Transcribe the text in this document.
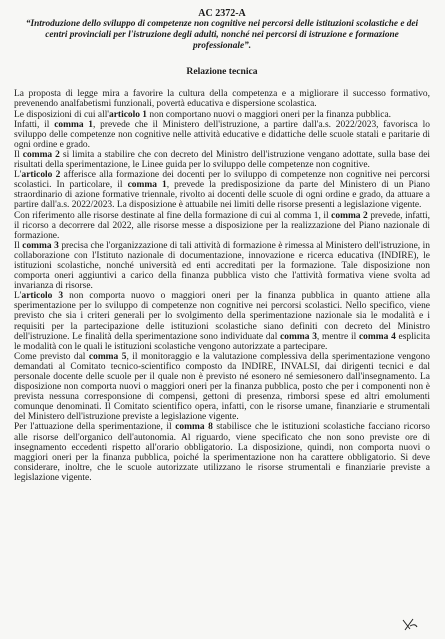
AC 2372-A
“Introduzione dello sviluppo di competenze non cognitive nei percorsi delle istituzioni scolastiche e dei centri provinciali per l'istruzione degli adulti, nonché nei percorsi di istruzione e formazione professionale”.
Relazione tecnica

La proposta di legge mira a favorire la cultura della competenza e a migliorare il successo formativo, prevenendo analfabetismi funzionali, povertà educativa e dispersione scolastica.

Le disposizioni di cui all'articolo 1 non comportano nuovi o maggiori oneri per la finanza pubblica.

Infatti, il comma 1, prevede che il Ministero dell'istruzione, a partire dall'a.s. 2022/2023, favorisca lo sviluppo delle competenze non cognitive nelle attività educative e didattiche delle scuole statali e paritarie di ogni ordine e grado.

Il comma 2 si limita a stabilire che con decreto del Ministro dell'istruzione vengano adottate, sulla base dei risultati della sperimentazione, le Linee guida per lo sviluppo delle competenze non cognitive.

L'articolo 2 afferisce alla formazione dei docenti per lo sviluppo di competenze non cognitive nei percorsi scolastici. In particolare, il comma 1, prevede la predisposizione da parte del Ministero di un Piano straordinario di azione formative triennale, rivolto ai docenti delle scuole di ogni ordine e grado, da attuare a partire dall'a.s. 2022/2023. La disposizione è attuabile nei limiti delle risorse presenti a legislazione vigente.

Con riferimento alle risorse destinate al fine della formazione di cui al comma 1, il comma 2 prevede, infatti, il ricorso a decorrere dal 2022, alle risorse messe a disposizione per la realizzazione del Piano nazionale di formazione.

Il comma 3 precisa che l'organizzazione di tali attività di formazione è rimessa al Ministero dell'istruzione, in collaborazione con l'Istituto nazionale di documentazione, innovazione e ricerca educativa (INDIRE), le istituzioni scolastiche, nonché università ed enti accreditati per la formazione. Tale disposizione non comporta oneri aggiuntivi a carico della finanza pubblica visto che l'attività formativa viene svolta ad invarianza di risorse.

L'articolo 3 non comporta nuovo o maggiori oneri per la finanza pubblica in quanto attiene alla sperimentazione per lo sviluppo di competenze non cognitive nei percorsi scolastici. Nello specifico, viene previsto che sia i criteri generali per lo svolgimento della sperimentazione nazionale sia le modalità e i requisiti per la partecipazione delle istituzioni scolastiche siano definiti con decreto del Ministro dell'istruzione. Le finalità della sperimentazione sono individuate dal comma 3, mentre il comma 4 esplicita le modalità con le quali le istituzioni scolastiche vengono autorizzate a partecipare.

Come previsto dal comma 5, il monitoraggio e la valutazione complessiva della sperimentazione vengono demandati al Comitato tecnico-scientifico composto da INDIRE, INVALSI, dai dirigenti tecnici e dal personale docente delle scuole per il quale non è previsto né esonero né semiesonero dall'insegnamento. La disposizione non comporta nuovi o maggiori oneri per la finanza pubblica, posto che per i componenti non è prevista nessuna corresponsione di compensi, gettoni di presenza, rimborsi spese ed altri emolumenti comunque denominati. Il Comitato scientifico opera, infatti, con le risorse umane, finanziarie e strumentali del Ministero dell'istruzione previste a legislazione vigente.

Per l'attuazione della sperimentazione, il comma 8 stabilisce che le istituzioni scolastiche facciano ricorso alle risorse dell'organico dell'autonomia. Al riguardo, viene specificato che non sono previste ore di insegnamento eccedenti rispetto all'orario obbligatorio. La disposizione, quindi, non comporta nuovi o maggiori oneri per la finanza pubblica, poiché la sperimentazione non ha carattere obbligatorio. Si deve considerare, inoltre, che le scuole autorizzate utilizzano le risorse strumentali e finanziarie previste a legislazione vigente.
